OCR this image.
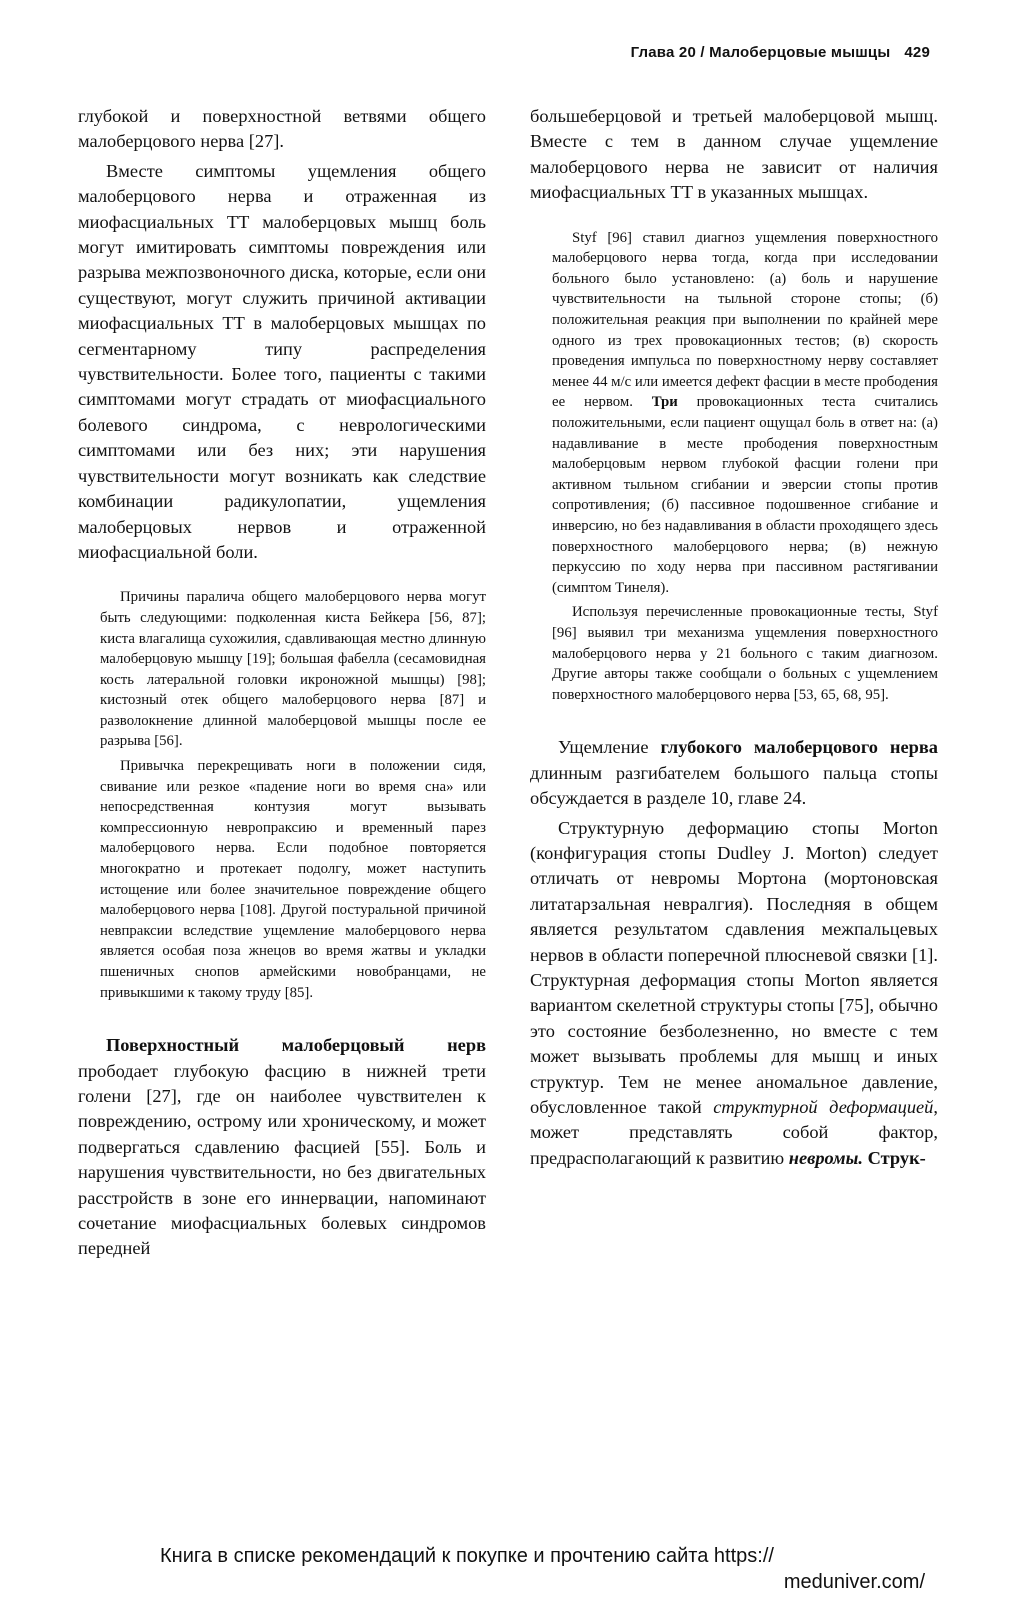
Глава 20 / Малоберцовые мышцы 429

глубокой и поверхностной ветвями общего малоберцового нерва [27].

Вместе симптомы ущемления общего малоберцового нерва и отраженная из миофасциальных ТТ малоберцовых мышц боль могут имитировать симптомы повреждения или разрыва межпозвоночного диска, которые, если они существуют, могут служить причиной активации миофасциальных ТТ в малоберцовых мышцах по сегментарному типу распределения чувствительности. Более того, пациенты с такими симптомами могут страдать от миофасциального болевого синдрома, с неврологическими симптомами или без них; эти нарушения чувствительности могут возникать как следствие комбинации радикулопатии, ущемления малоберцовых нервов и отраженной миофасциальной боли.

Причины паралича общего малоберцового нерва могут быть следующими: подколенная киста Бейкера [56, 87]; киста влагалища сухожилия, сдавливающая местно длинную малоберцовую мышцу [19]; большая фабелла (сесамовидная кость латеральной головки икроножной мышцы) [98]; кистозный отек общего малоберцового нерва [87] и разволокнение длинной малоберцовой мышцы после ее разрыва [56].

Привычка перекрещивать ноги в положении сидя, свивание или резкое «падение ноги во время сна» или непосредственная контузия могут вызывать компрессионную невропраксию и временный парез малоберцового нерва. Если подобное повторяется многократно и протекает подолгу, может наступить истощение или более значительное повреждение общего малоберцового нерва [108]. Другой постуральной причиной невпраксии вследствие ущемление малоберцового нерва является особая поза жнецов во время жатвы и укладки пшеничных снопов армейскими новобранцами, не привыкшими к такому труду [85].

Поверхностный малоберцовый нерв прободает глубокую фасцию в нижней трети голени [27], где он наиболее чувствителен к повреждению, острому или хроническому, и может подвергаться сдавлению фасцией [55]. Боль и нарушения чувствительности, но без двигательных расстройств в зоне его иннервации, напоминают сочетание миофасциальных болевых синдромов передней

большеберцовой и третьей малоберцовой мышц. Вместе с тем в данном случае ущемление малоберцового нерва не зависит от наличия миофасциальных ТТ в указанных мышцах.

Styf [96] ставил диагноз ущемления поверхностного малоберцового нерва тогда, когда при исследовании больного было установлено: (а) боль и нарушение чувствительности на тыльной стороне стопы; (б) положительная реакция при выполнении по крайней мере одного из трех провокационных тестов; (в) скорость проведения импульса по поверхностному нерву составляет менее 44 м/с или имеется дефект фасции в месте прободения ее нервом. Три провокационных теста считались положительными, если пациент ощущал боль в ответ на: (а) надавливание в месте прободения поверхностным малоберцовым нервом глубокой фасции голени при активном тыльном сгибании и эверсии стопы против сопротивления; (б) пассивное подошвенное сгибание и инверсию, но без надавливания в области проходящего здесь поверхностного малоберцового нерва; (в) нежную перкуссию по ходу нерва при пассивном растягивании (симптом Тинеля).

Используя перечисленные провокационные тесты, Styf [96] выявил три механизма ущемления поверхностного малоберцового нерва у 21 больного с таким диагнозом. Другие авторы также сообщали о больных с ущемлением поверхностного малоберцового нерва [53, 65, 68, 95].

Ущемление глубокого малоберцового нерва длинным разгибателем большого пальца стопы обсуждается в разделе 10, главе 24.

Структурную деформацию стопы Morton (конфигурация стопы Dudley J. Morton) следует отличать от невромы Мортона (мортоновская литатарзальная невралгия). Последняя в общем является результатом сдавления межпальцевых нервов в области поперечной плюсневой связки [1]. Структурная деформация стопы Morton является вариантом скелетной структуры стопы [75], обычно это состояние безболезненно, но вместе с тем может вызывать проблемы для мышц и иных структур. Тем не менее аномальное давление, обусловленное такой структурной деформацией, может представлять собой фактор, предрасполагающий к развитию невромы. Струк-

Книга в списке рекомендаций к покупке и прочтению сайта https://
meduniver.com/
